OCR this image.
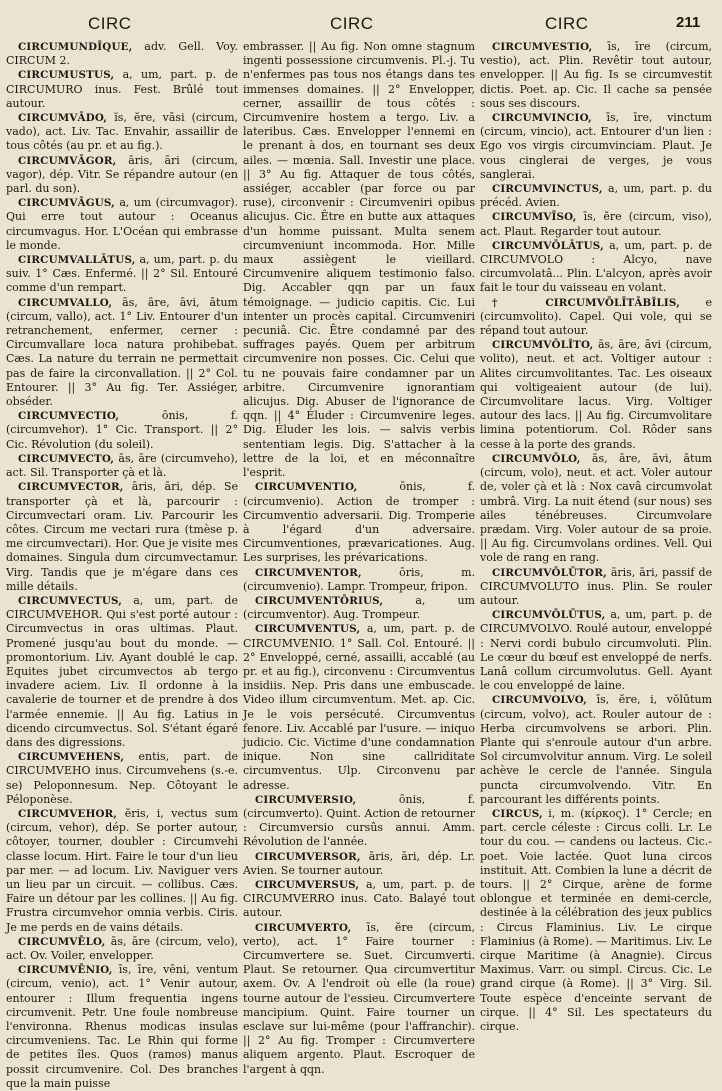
CIRC	CIRC	CIRC	211

CIRCUMUNDĪQUE, adv. Gell. Voy. CIRCUM 2.

CIRCUMUSTUS, a, um, part. p. de CIRCUMURO inus. Fest. Brûlé tout autour.

CIRCUMVĀDO, ĭs, ĕre, vāsi (circum, vado), act. Liv. Tac. Envahir, assaillir de tous côtés (au pr. et au fig.).

CIRCUMVĀGOR, āris, āri (circum, vagor), dép. Vitr. Se répandre autour (en parl. du son).

CIRCUMVĀGUS, a, um (circumvagor). Qui erre tout autour : Oceanus circumvagus. Hor. L'Océan qui embrasse le monde.

CIRCUMVALLĀTUS, a, um, part. p. du suiv. 1° Cæs. Enfermé. || 2° Sil. Entouré comme d'un rempart.

CIRCUMVALLO, ās, āre, āvi, ātum (circum, vallo), act. 1° Liv. Entourer d'un retranchement, enfermer, cerner : Circumvallare loca natura prohibebat. Cæs. La nature du terrain ne permettait pas de faire la circonvallation. || 2° Col. Entourer. || 3° Au fig. Ter. Assiéger, obséder.

CIRCUMVECTIO, ōnis, f. (circumvehor). 1° Cic. Transport. || 2° Cic. Révolution (du soleil).

CIRCUMVECTO, ās, āre (circumveho), act. Sil. Transporter çà et là.

CIRCUMVECTOR, āris, āri, dép. Se transporter çà et là, parcourir : Circumvectari oram. Liv. Parcourir les côtes. Circum me vectari rura (tmèse p. me circumvectari). Hor. Que je visite mes domaines. Singula dum circumvectamur. Virg. Tandis que je m'égare dans ces mille détails.

CIRCUMVECTUS, a, um, part. de CIRCUMVEHOR. Qui s'est porté autour : Circumvectus in oras ultimas. Plaut. Promené jusqu'au bout du monde. — promontorium. Liv. Ayant doublé le cap. Equites jubet circumvectos ab tergo invadere aciem. Liv. Il ordonne à la cavalerie de tourner et de prendre à dos l'armée ennemie. || Au fig. Latius in dicendo circumvectus. Sol. S'étant égaré dans des digressions.

CIRCUMVEHENS, entis, part. de CIRCUMVEHO inus. Circumvehens (s.-e. se) Peloponnesum. Nep. Côtoyant le Péloponèse.

CIRCUMVEHOR, ĕris, i, vectus sum (circum, vehor), dép. Se porter autour, côtoyer, tourner, doubler : Circumvehi classe locum. Hirt. Faire le tour d'un lieu par mer. — ad locum. Liv. Naviguer vers un lieu par un circuit. — collibus. Cæs. Faire un détour par les collines. || Au fig. Frustra circumvehor omnia verbis. Ciris. Je me perds en de vains détails.

CIRCUMVĒLO, ās, āre (circum, velo), act. Ov. Voiler, envelopper.

CIRCUMVĒNIO, īs, īre, vēni, ventum (circum, venio), act. 1° Venir autour, entourer : Illum frequentia ingens circumvenit. Petr. Une foule nombreuse l'environna. Rhenus modicas insulas circumveniens. Tac. Le Rhin qui forme de petites îles. Quos (ramos) manus possit circumvenire. Col. Des branches que la main puisse

embrasser. || Au fig. Non omne stagnum ingenti possessione circumvenis. Pl.-j. Tu n'enfermes pas tous nos étangs dans tes immenses domaines. || 2° Envelopper, cerner, assaillir de tous côtés : Circumvenire hostem a tergo. Liv. a lateribus. Cæs. Envelopper l'ennemi en le prenant à dos, en tournant ses deux ailes. — mœnia. Sall. Investir une place. || 3° Au fig. Attaquer de tous côtés, assiéger, accabler (par force ou par ruse), circonvenir : Circumveniri opibus alicujus. Cic. Être en butte aux attaques d'un homme puissant. Multa senem circumveniunt incommoda. Hor. Mille maux assiègent le vieillard. Circumvenire aliquem testimonio falso. Dig. Accabler qqn par un faux témoignage. — judicio capitis. Cic. Lui intenter un procès capital. Circumveniri pecuniâ. Cic. Être condamné par des suffrages payés. Quem per arbitrum circumvenire non posses. Cic. Celui que tu ne pouvais faire condamner par un arbitre. Circumvenire ignorantiam alicujus. Dig. Abuser de l'ignorance de qqn. || 4° Éluder : Circumvenire leges. Dig. Éluder les lois. — salvis verbis sententiam legis. Dig. S'attacher à la lettre de la loi, et en méconnaître l'esprit.

CIRCUMVENTIO, ōnis, f. (circumvenio). Action de tromper : Circumventio adversarii. Dig. Tromperie à l'égard d'un adversaire. Circumventiones, prævaricationes. Aug. Les surprises, les prévarications.

CIRCUMVENTOR, ōris, m. (circumvenio). Lampr. Trompeur, fripon.

CIRCUMVENTŌRIUS, a, um (circumventor). Aug. Trompeur.

CIRCUMVENTUS, a, um, part. p. de CIRCUMVENIO. 1° Sall. Col. Entouré. || 2° Enveloppé, cerné, assailli, accablé (au pr. et au fig.), circonvenu : Circumventus insidiis. Nep. Pris dans une embuscade. Video illum circumventum. Met. ap. Cic. Je le vois persécuté. Circumventus fenore. Liv. Accablé par l'usure. — iniquo judicio. Cic. Victime d'une condamnation inique. Non sine callriditate circumventus. Ulp. Circonvenu par adresse.

CIRCUMVERSIO, ōnis, f. (circumverto). Quint. Action de retourner : Circumversio cursûs annui. Amm. Révolution de l'année.

CIRCUMVERSOR, āris, āri, dép. Lr. Avien. Se tourner autour.

CIRCUMVERSUS, a, um, part. p. de CIRCUMVERRO inus. Cato. Balayé tout autour.

CIRCUMVERTO, īs, ĕre (circum, verto), act. 1° Faire tourner : Circumvertere se. Suet. Circumverti. Plaut. Se retourner. Qua circumvertitur axem. Ov. A l'endroit où elle (la roue) tourne autour de l'essieu. Circumvertere mancipium. Quint. Faire tourner un esclave sur lui-même (pour l'affranchir). || 2° Au fig. Tromper : Circumvertere aliquem argento. Plaut. Escroquer de l'argent à qqn.

CIRCUMVESTIO, īs, īre (circum, vestio), act. Plin. Revêtir tout autour, envelopper. || Au fig. Is se circumvestit dictis. Poet. ap. Cic. Il cache sa pensée sous ses discours.

CIRCUMVINCIO, īs, īre, vinctum (circum, vincio), act. Entourer d'un lien : Ego vos virgis circumvinciam. Plaut. Je vous cinglerai de verges, je vous sanglerai.

CIRCUMVINCTUS, a, um, part. p. du précéd. Avien.

CIRCUMVĪSO, īs, ĕre (circum, viso), act. Plaut. Regarder tout autour.

CIRCUMVŌLĀTUS, a, um, part. p. de CIRCUMVOLO : Alcyo, nave circumvolatâ... Plin. L'alcyon, après avoir fait le tour du vaisseau en volant.

† CIRCUMVŌLĪTĀBĬLIS, e (circumvolito). Capel. Qui vole, qui se répand tout autour.

CIRCUMVŌLĬTO, ās, āre, āvi (circum, volito), neut. et act. Voltiger autour : Alites circumvolitantes. Tac. Les oiseaux qui voltigeaient autour (de lui). Circumvolitare lacus. Virg. Voltiger autour des lacs. || Au fig. Circumvolitare limina potentiorum. Col. Rôder sans cesse à la porte des grands.

CIRCUMVŌLO, ās, āre, āvi, ātum (circum, volo), neut. et act. Voler autour de, voler çà et là : Nox cavâ circumvolat umbrâ. Virg. La nuit étend (sur nous) ses ailes ténébreuses. Circumvolare prædam. Virg. Voler autour de sa proie. || Au fig. Circumvolans ordines. Vell. Qui vole de rang en rang.

CIRCUMVŌLŪTOR, āris, āri, passif de CIRCUMVOLUTO inus. Plin. Se rouler autour.

CIRCUMVŌLŪTUS, a, um, part. p. de CIRCUMVOLVO. Roulé autour, enveloppé : Nervi cordi bubulo circumvoluti. Plin. Le cœur du bœuf est enveloppé de nerfs. Lanâ collum circumvolutus. Gell. Ayant le cou enveloppé de laine.

CIRCUMVOLVO, īs, ĕre, i, vŏlūtum (circum, volvo), act. Rouler autour de : Herba circumvolvens se arbori. Plin. Plante qui s'enroule autour d'un arbre. Sol circumvolvitur annum. Virg. Le soleil achève le cercle de l'année. Singula puncta circumvolvendo. Vitr. En parcourant les différents points.

CIRCUS, i, m. (κίρκος). 1° Cercle; en part. cercle céleste : Circus colli. Lr. Le tour du cou. — candens ou lacteus. Cic.-poet. Voie lactée. Quot luna circos instituit. Att. Combien la lune a décrit de tours. || 2° Cirque, arène de forme oblongue et terminée en demi-cercle, destinée à la célébration des jeux publics : Circus Flaminius. Liv. Le cirque Flaminius (à Rome). — Maritimus. Liv. Le cirque Maritime (à Anagnie). Circus Maximus. Varr. ou simpl. Circus. Cic. Le grand cirque (à Rome). || 3° Virg. Sil. Toute espèce d'enceinte servant de cirque. || 4° Sil. Les spectateurs du cirque.
